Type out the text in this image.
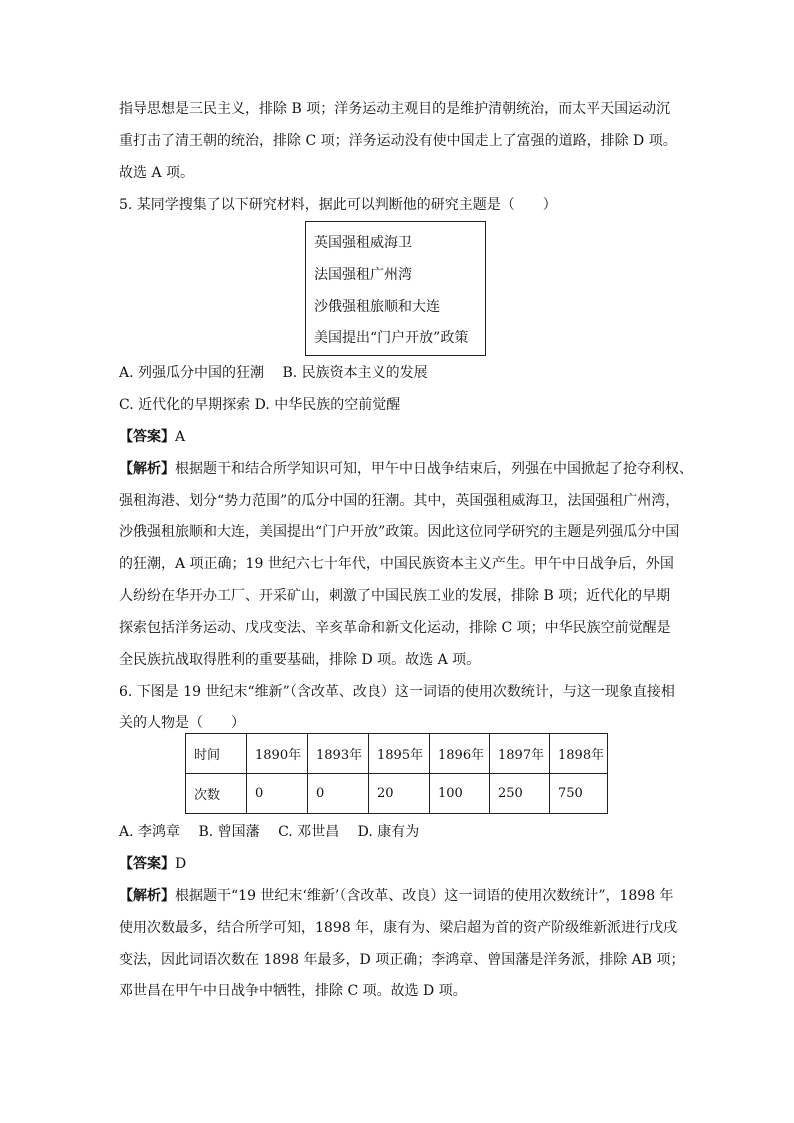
指导思想是三民主义，排除 B 项；洋务运动主观目的是维护清朝统治，而太平天国运动沉
重打击了清王朝的统治，排除 C 项；洋务运动没有使中国走上了富强的道路，排除 D 项。
故选 A 项。
5. 某同学搜集了以下研究材料，据此可以判断他的研究主题是（　　）
英国强租威海卫
法国强租广州湾
沙俄强租旅顺和大连
美国提出“门户开放”政策
A. 列强瓜分中国的狂潮　 B. 民族资本主义的发展
C. 近代化的早期探索 D. 中华民族的空前觉醒
【答案】A
【解析】根据题干和结合所学知识可知，甲午中日战争结束后，列强在中国掀起了抢夺利权、
强租海港、划分“势力范围”的瓜分中国的狂潮。其中，英国强租威海卫，法国强租广州湾，
沙俄强租旅顺和大连，美国提出“门户开放”政策。因此这位同学研究的主题是列强瓜分中国
的狂潮，A 项正确；19 世纪六七十年代，中国民族资本主义产生。甲午中日战争后，外国
人纷纷在华开办工厂、开采矿山，刺激了中国民族工业的发展，排除 B 项；近代化的早期
探索包括洋务运动、戊戌变法、辛亥革命和新文化运动，排除 C 项；中华民族空前觉醒是
全民族抗战取得胜利的重要基础，排除 D 项。故选 A 项。
6. 下图是 19 世纪末“维新”（含改革、改良）这一词语的使用次数统计，与这一现象直接相
关的人物是（　　）
时间	1890年	1893年	1895年	1896年	1897年	1898年
次数	0	0	20	100	250	750
A. 李鸿章　 B. 曾国藩　 C. 邓世昌　 D. 康有为
【答案】D
【解析】根据题干“19 世纪末‘维新’（含改革、改良）这一词语的使用次数统计”，1898 年
使用次数最多，结合所学可知，1898 年，康有为、梁启超为首的资产阶级维新派进行戊戌
变法，因此词语次数在 1898 年最多，D 项正确；李鸿章、曾国藩是洋务派，排除 AB 项；
邓世昌在甲午中日战争中牺牲，排除 C 项。故选 D 项。
